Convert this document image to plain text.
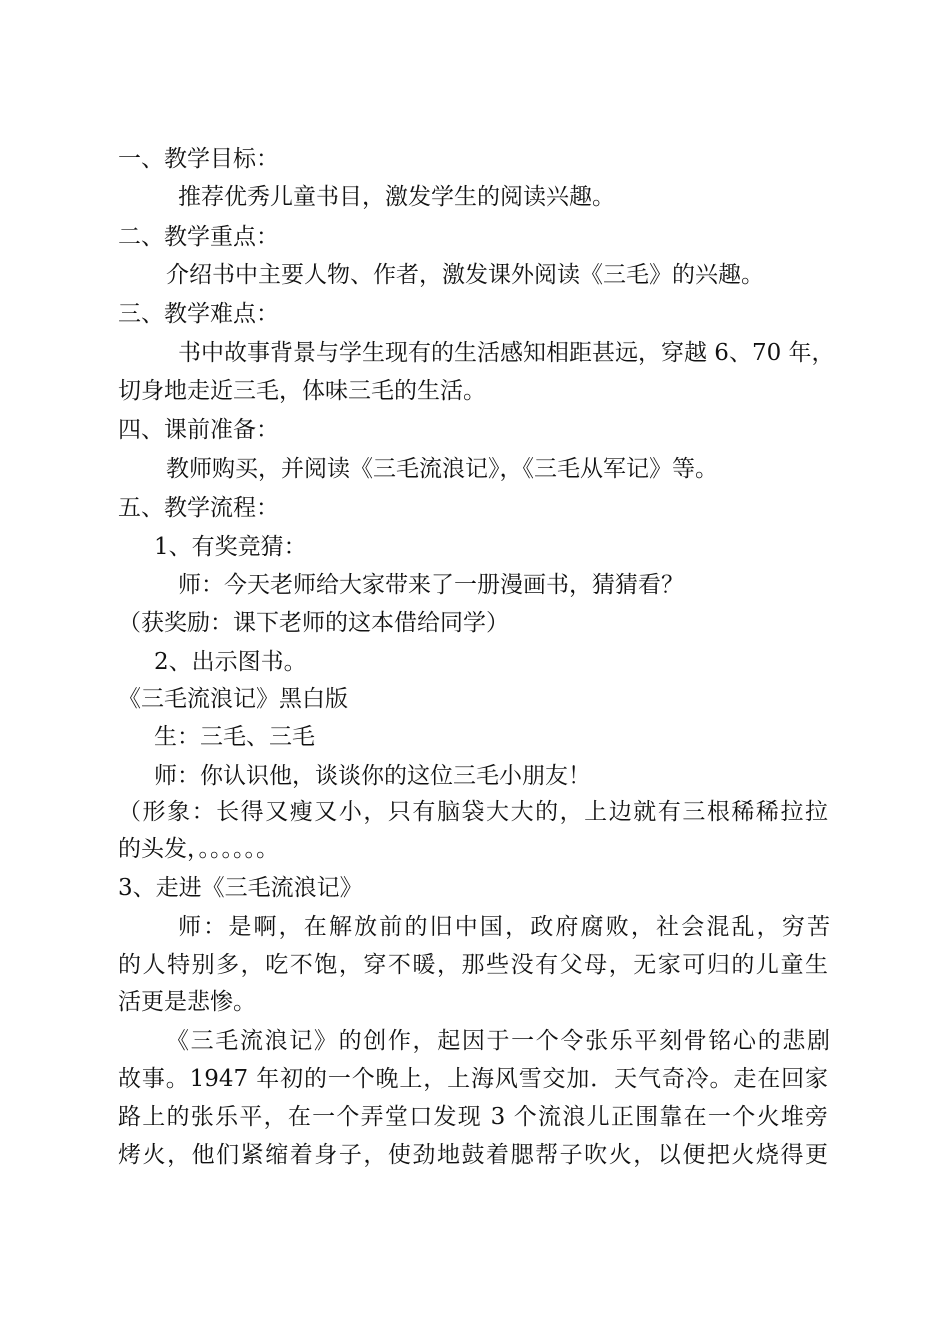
一、教学目标：
推荐优秀儿童书目，激发学生的阅读兴趣。
二、教学重点：
介绍书中主要人物、作者，激发课外阅读《三毛》的兴趣。
三、教学难点：
书中故事背景与学生现有的生活感知相距甚远，穿越 6、70 年，
切身地走近三毛，体味三毛的生活。
四、课前准备：
教师购买，并阅读《三毛流浪记》，《三毛从军记》等。
五、教学流程：
1、有奖竞猜：
师：今天老师给大家带来了一册漫画书，猜猜看？
（获奖励：课下老师的这本借给同学）
2、出示图书。
《三毛流浪记》黑白版
生：三毛、三毛
师：你认识他，谈谈你的这位三毛小朋友！
（形象：长得又瘦又小，只有脑袋大大的，上边就有三根稀稀拉拉
的头发，。。。。。。
3、走进《三毛流浪记》
师：是啊，在解放前的旧中国，政府腐败，社会混乱，穷苦
的人特别多，吃不饱，穿不暖，那些没有父母，无家可归的儿童生
活更是悲惨。
《三毛流浪记》的创作，起因于一个令张乐平刻骨铭心的悲剧
故事。1947 年初的一个晚上，上海风雪交加．天气奇冷。走在回家
路上的张乐平，在一个弄堂口发现 3 个流浪儿正围靠在一个火堆旁
烤火，他们紧缩着身子，使劲地鼓着腮帮子吹火，以便把火烧得更
